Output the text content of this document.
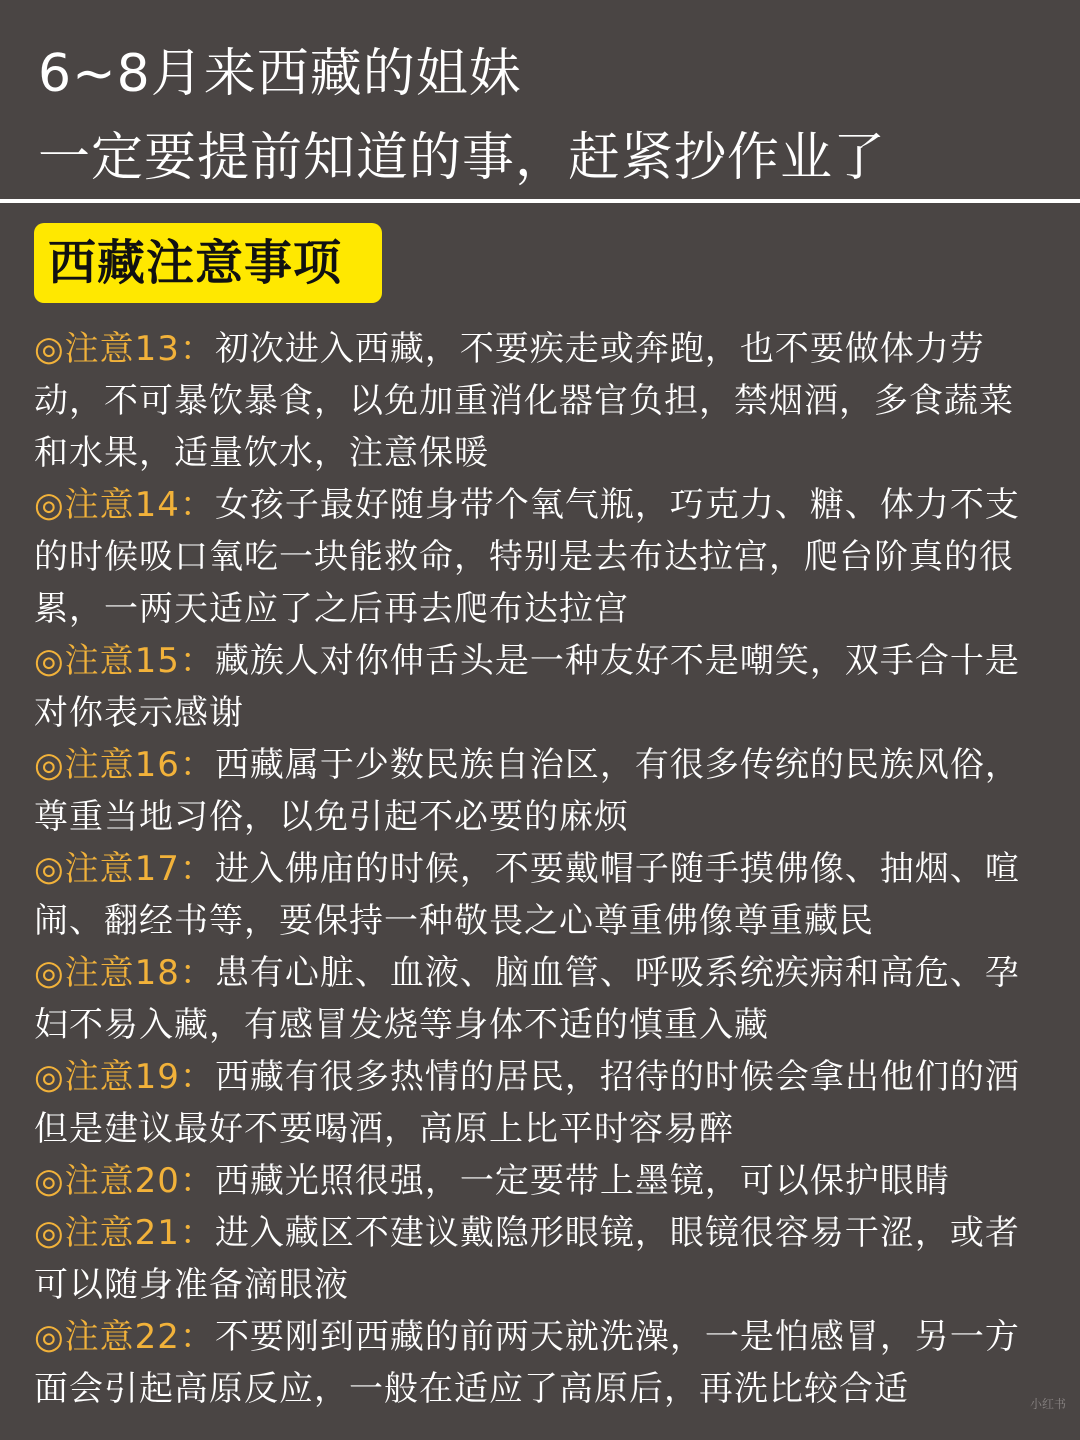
6~8月来西藏的姐妹
一定要提前知道的事，赶紧抄作业了
西藏注意事项
◎注意13：初次进入西藏，不要疾走或奔跑，也不要做体力劳动，不可暴饮暴食，以免加重消化器官负担，禁烟酒，多食蔬菜和水果，适量饮水，注意保暖
◎注意14：女孩子最好随身带个氧气瓶，巧克力、糖、体力不支的时候吸口氧吃一块能救命，特别是去布达拉宫，爬台阶真的很累，一两天适应了之后再去爬布达拉宫
◎注意15：藏族人对你伸舌头是一种友好不是嘲笑，双手合十是对你表示感谢
◎注意16：西藏属于少数民族自治区，有很多传统的民族风俗，尊重当地习俗，以免引起不必要的麻烦
◎注意17：进入佛庙的时候，不要戴帽子随手摸佛像、抽烟、喧闹、翻经书等，要保持一种敬畏之心尊重佛像尊重藏民
◎注意18：患有心脏、血液、脑血管、呼吸系统疾病和高危、孕妇不易入藏，有感冒发烧等身体不适的慎重入藏
◎注意19：西藏有很多热情的居民，招待的时候会拿出他们的酒但是建议最好不要喝酒，高原上比平时容易醉
◎注意20：西藏光照很强，一定要带上墨镜，可以保护眼睛
◎注意21：进入藏区不建议戴隐形眼镜，眼镜很容易干涩，或者可以随身准备滴眼液
◎注意22：不要刚到西藏的前两天就洗澡，一是怕感冒，另一方面会引起高原反应，一般在适应了高原后，再洗比较合适	小红书
